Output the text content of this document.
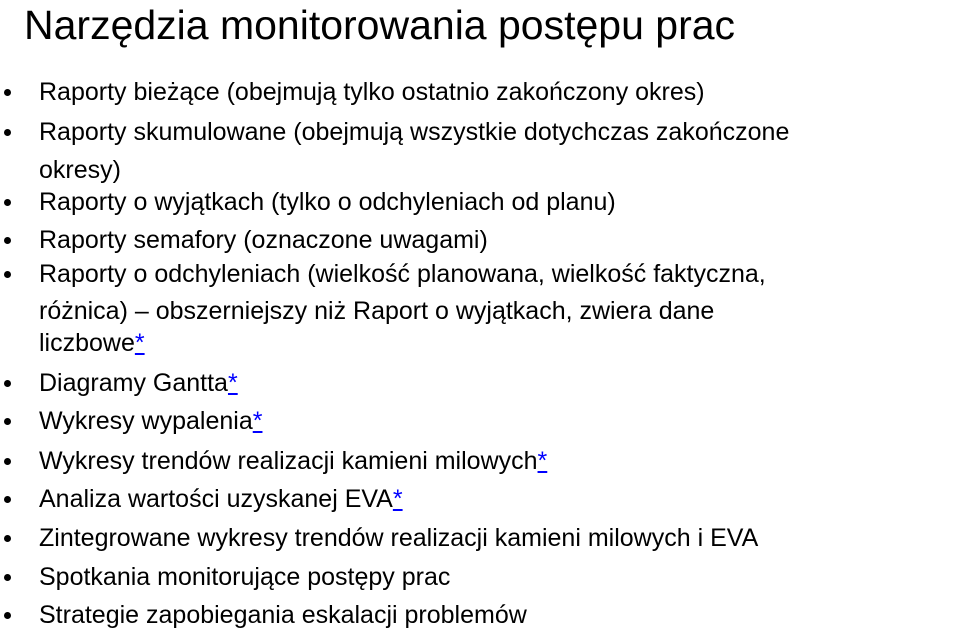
Narzędzia monitorowania postępu prac
Raporty bieżące (obejmują tylko ostatnio zakończony okres)
Raporty skumulowane (obejmują wszystkie dotychczas zakończone
okresy)
Raporty o wyjątkach (tylko o odchyleniach od planu)
Raporty semafory (oznaczone uwagami)
Raporty o odchyleniach (wielkość planowana, wielkość faktyczna,
różnica) – obszerniejszy niż Raport o wyjątkach, zwiera dane
liczbowe*
Diagramy Gantta*
Wykresy wypalenia*
Wykresy trendów realizacji kamieni milowych*
Analiza wartości uzyskanej EVA*
Zintegrowane wykresy trendów realizacji kamieni milowych i EVA
Spotkania monitorujące postępy prac
Strategie zapobiegania eskalacji problemów
